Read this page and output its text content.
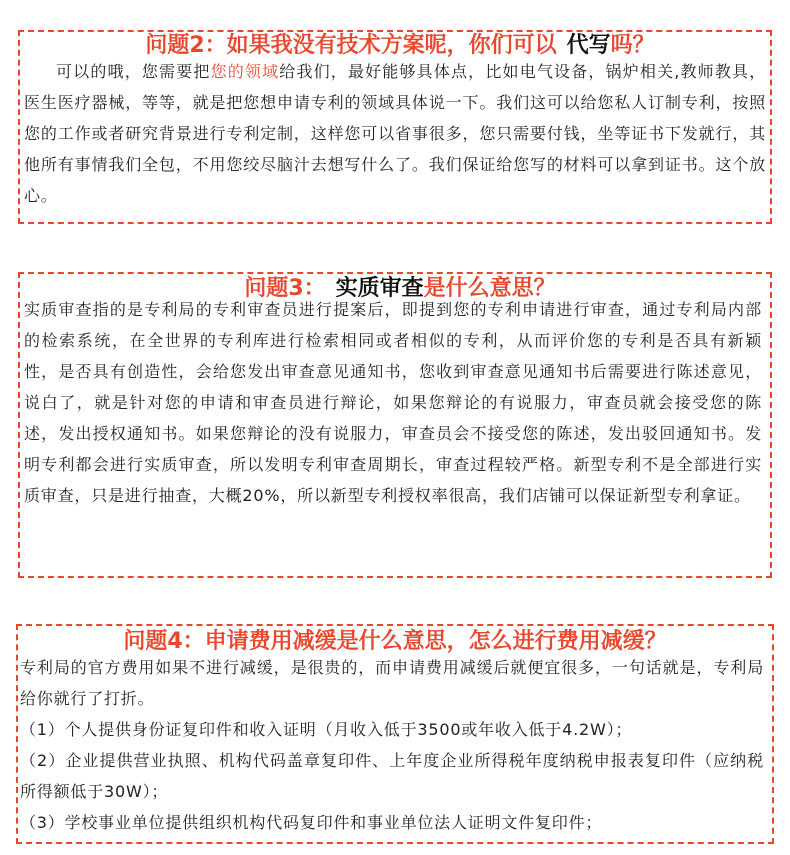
问题2：如果我没有技术方案呢，你们可以 代写吗？
可以的哦，您需要把您的领域给我们，最好能够具体点，比如电气设备，锅炉相关,教师教具，医生医疗器械，等等，就是把您想申请专利的领域具体说一下。我们这可以给您私人订制专利，按照您的工作或者研究背景进行专利定制，这样您可以省事很多，您只需要付钱，坐等证书下发就行，其他所有事情我们全包，不用您绞尽脑汁去想写什么了。我们保证给您写的材料可以拿到证书。这个放心。
问题3： 实质审查是什么意思？
实质审查指的是专利局的专利审查员进行提案后，即提到您的专利申请进行审查，通过专利局内部的检索系统，在全世界的专利库进行检索相同或者相似的专利，从而评价您的专利是否具有新颖性，是否具有创造性，会给您发出审查意见通知书，您收到审查意见通知书后需要进行陈述意见，说白了，就是针对您的申请和审查员进行辩论，如果您辩论的有说服力，审查员就会接受您的陈述，发出授权通知书。如果您辩论的没有说服力，审查员会不接受您的陈述，发出驳回通知书。发明专利都会进行实质审查，所以发明专利审查周期长，审查过程较严格。新型专利不是全部进行实质审查，只是进行抽查，大概20%，所以新型专利授权率很高，我们店铺可以保证新型专利拿证。
问题4：申请费用减缓是什么意思，怎么进行费用减缓？

专利局的官方费用如果不进行减缓，是很贵的，而申请费用减缓后就便宜很多，一句话就是，专利局给你就行了打折。

（1）个人提供身份证复印件和收入证明（月收入低于3500或年收入低于4.2W）；

（2）企业提供营业执照、机构代码盖章复印件、上年度企业所得税年度纳税申报表复印件（应纳税所得额低于30W）；

（3）学校事业单位提供组织机构代码复印件和事业单位法人证明文件复印件；
